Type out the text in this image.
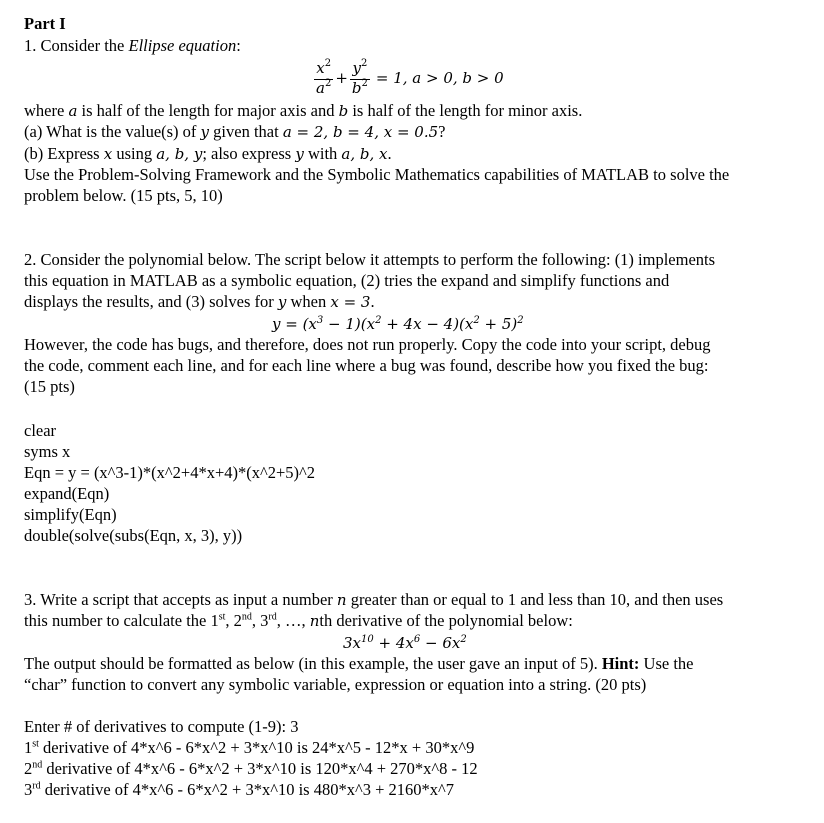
Part I
1. Consider the Ellipse equation:
$\frac{x^2}{a^2} + \frac{y^2}{b^2} = 1$, a > 0, b > 0
where a is half of the length for major axis and b is half of the length for minor axis.
(a) What is the value(s) of y given that a = 2, b = 4, x = 0.5?
(b) Express x using a, b, y; also express y with a, b, x.
Use the Problem-Solving Framework and the Symbolic Mathematics capabilities of MATLAB to solve the
problem below. (15 pts, 5, 10)
2. Consider the polynomial below. The script below it attempts to perform the following: (1) implements
this equation in MATLAB as a symbolic equation, (2) tries the expand and simplify functions and
displays the results, and (3) solves for y when x = 3.
$y = (x^3 - 1)(x^2 + 4x - 4)(x^2 + 5)^2$
However, the code has bugs, and therefore, does not run properly. Copy the code into your script, debug
the code, comment each line, and for each line where a bug was found, describe how you fixed the bug:
(15 pts)
clear
syms x
Eqn = y = (x^3-1)*(x^2+4*x+4)*(x^2+5)^2
expand(Eqn)
simplify(Eqn)
double(solve(subs(Eqn, x, 3), y))
3. Write a script that accepts as input a number n greater than or equal to 1 and less than 10, and then uses
this number to calculate the 1st, 2nd, 3rd, …, nth derivative of the polynomial below:
$3x^{10} + 4x^6 - 6x^2$
The output should be formatted as below (in this example, the user gave an input of 5). Hint: Use the
“char” function to convert any symbolic variable, expression or equation into a string. (20 pts)
Enter # of derivatives to compute (1-9): 3
1st derivative of 4*x^6 - 6*x^2 + 3*x^10 is 24*x^5 - 12*x + 30*x^9
2nd derivative of 4*x^6 - 6*x^2 + 3*x^10 is 120*x^4 + 270*x^8 - 12
3rd derivative of 4*x^6 - 6*x^2 + 3*x^10 is 480*x^3 + 2160*x^7
